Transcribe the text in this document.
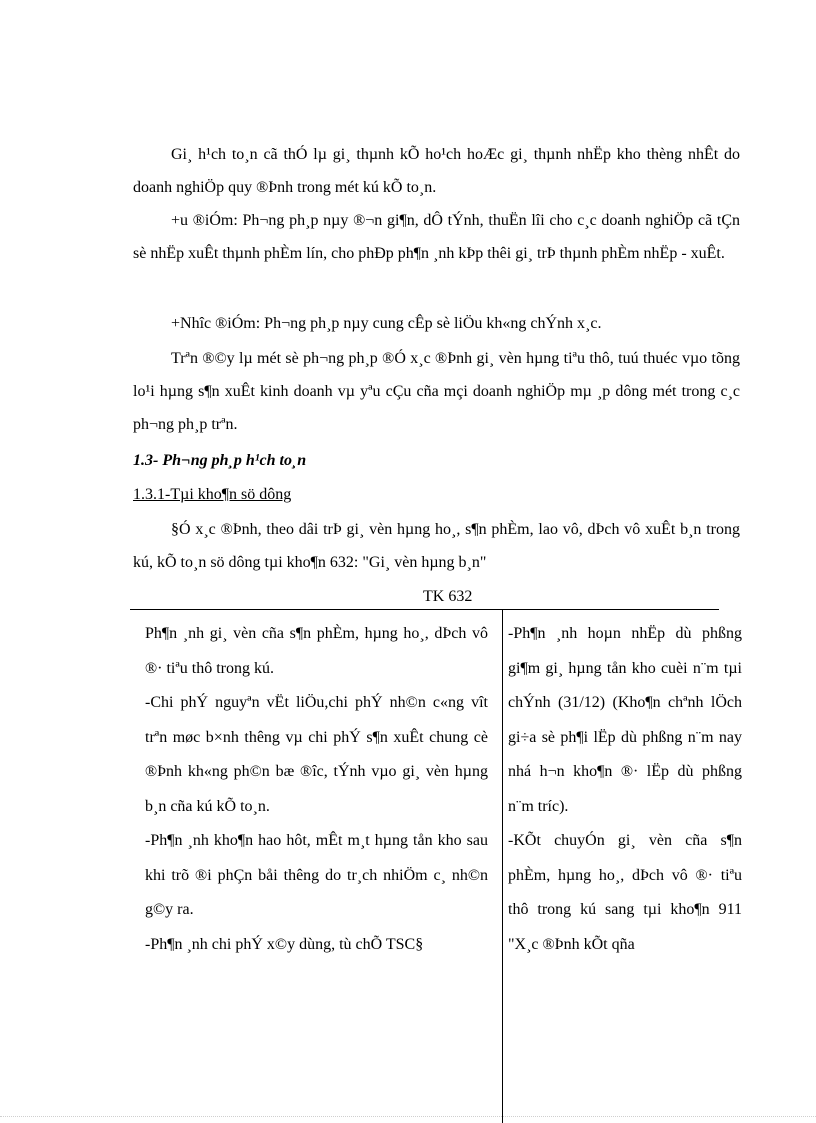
Gi¸ h¹ch to¸n cã thÓ lµ gi¸ thµnh kÕ ho¹ch hoÆc gi¸ thµnh nhËp kho thèng nhÊt do doanh nghiÖp quy ®Þnh trong mét kú kÕ to¸n.

+u ®iÓm: Ph¬ng ph¸p nµy ®¬n gi¶n, dÔ tÝnh, thuËn lîi cho c¸c doanh nghiÖp cã tÇn sè nhËp xuÊt thµnh phÈm lín, cho phÐp ph¶n ¸nh kÞp thêi gi¸ trÞ thµnh phÈm nhËp - xuÊt.

+Nhîc ®iÓm: Ph¬ng ph¸p nµy cung cÊp sè liÖu kh«ng chÝnh x¸c.

Trªn ®©y lµ mét sè ph¬ng ph¸p ®Ó x¸c ®Þnh gi¸ vèn hµng tiªu thô, tuú thuéc vµo tõng lo¹i hµng s¶n xuÊt kinh doanh vµ yªu cÇu cña mçi doanh nghiÖp mµ ¸p dông mét trong c¸c ph¬ng ph¸p trªn.

1.3- Ph¬ng ph¸p h¹ch to¸n
1.3.1-Tµi kho¶n sö dông

§Ó x¸c ®Þnh, theo dâi trÞ gi¸ vèn hµng ho¸, s¶n phÈm, lao vô, dÞch vô xuÊt b¸n trong kú, kÕ to¸n sö dông tµi kho¶n 632: "Gi¸ vèn hµng b¸n"

TK 632

Ph¶n ¸nh gi¸ vèn cña s¶n phÈm, hµng ho¸, dÞch vô ®· tiªu thô trong kú.

-Chi phÝ nguyªn vËt liÖu,chi phÝ nh©n c«ng vît trªn møc b×nh thêng vµ chi phÝ s¶n xuÊt chung cè ®Þnh kh«ng ph©n bæ ®îc, tÝnh vµo gi¸ vèn hµng b¸n cña kú kÕ to¸n.

-Ph¶n ¸nh kho¶n hao hôt, mÊt m¸t hµng tån kho sau khi trõ ®i phÇn båi thêng do tr¸ch nhiÖm c¸ nh©n g©y ra.

-Ph¶n ¸nh chi phÝ x©y dùng, tù chÕ TSC§

-Ph¶n ¸nh hoµn nhËp dù phßng gi¶m gi¸ hµng tån kho cuèi n¨m tµi chÝnh (31/12) (Kho¶n chªnh lÖch gi÷a sè ph¶i lËp dù phßng n¨m nay nhá h¬n kho¶n ®· lËp dù phßng n¨m tríc).

-KÕt chuyÓn gi¸ vèn cña s¶n phÈm, hµng ho¸, dÞch vô ®· tiªu thô trong kú sang tµi kho¶n 911 "X¸c ®Þnh kÕt qña
